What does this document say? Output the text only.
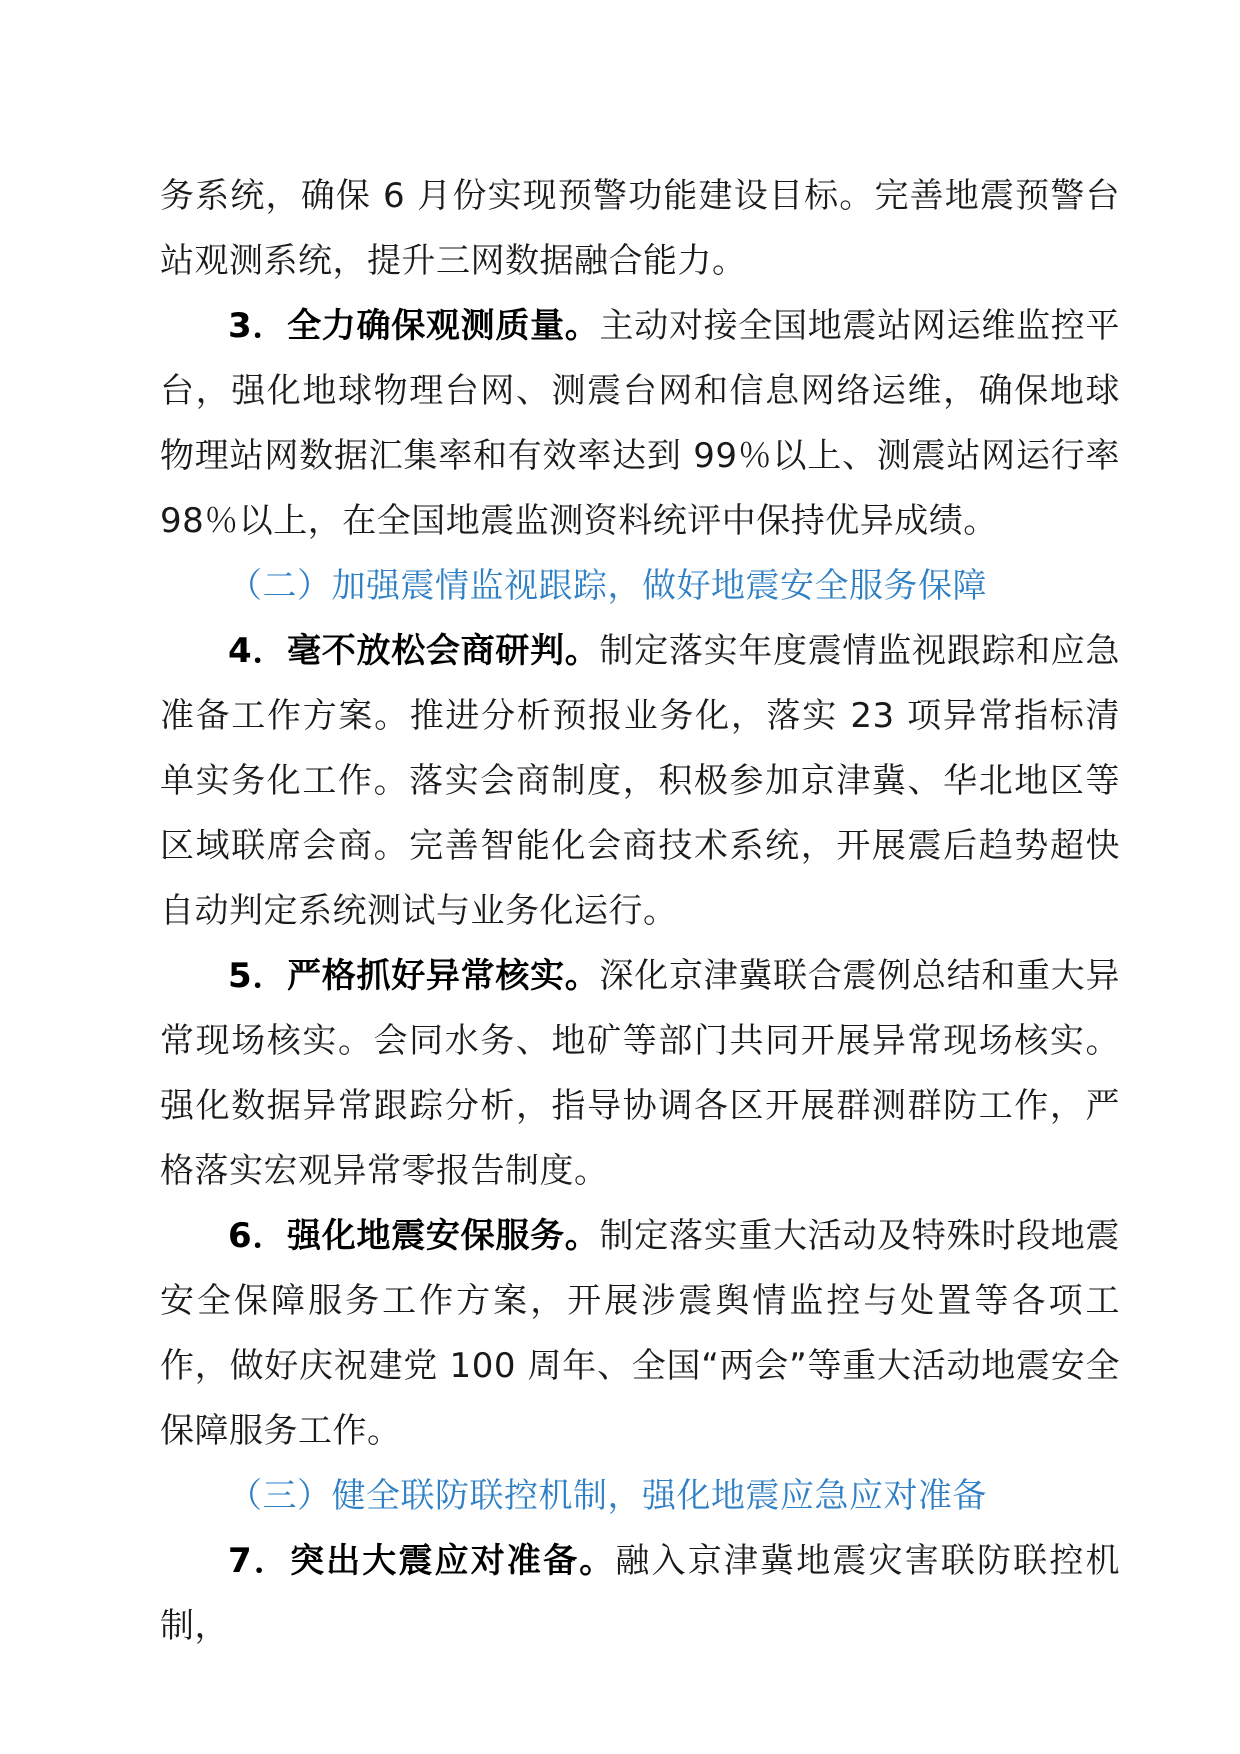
务系统，确保 6 月份实现预警功能建设目标。完善地震预警台站观测系统，提升三网数据融合能力。

3．全力确保观测质量。主动对接全国地震站网运维监控平台，强化地球物理台网、测震台网和信息网络运维，确保地球物理站网数据汇集率和有效率达到 99％以上、测震站网运行率 98％以上，在全国地震监测资料统评中保持优异成绩。

（二）加强震情监视跟踪，做好地震安全服务保障

4．毫不放松会商研判。制定落实年度震情监视跟踪和应急准备工作方案。推进分析预报业务化，落实 23 项异常指标清单实务化工作。落实会商制度，积极参加京津冀、华北地区等区域联席会商。完善智能化会商技术系统，开展震后趋势超快自动判定系统测试与业务化运行。

5．严格抓好异常核实。深化京津冀联合震例总结和重大异常现场核实。会同水务、地矿等部门共同开展异常现场核实。强化数据异常跟踪分析，指导协调各区开展群测群防工作，严格落实宏观异常零报告制度。

6．强化地震安保服务。制定落实重大活动及特殊时段地震安全保障服务工作方案，开展涉震舆情监控与处置等各项工作，做好庆祝建党 100 周年、全国“两会”等重大活动地震安全保障服务工作。

（三）健全联防联控机制，强化地震应急应对准备

7．突出大震应对准备。融入京津冀地震灾害联防联控机制，
